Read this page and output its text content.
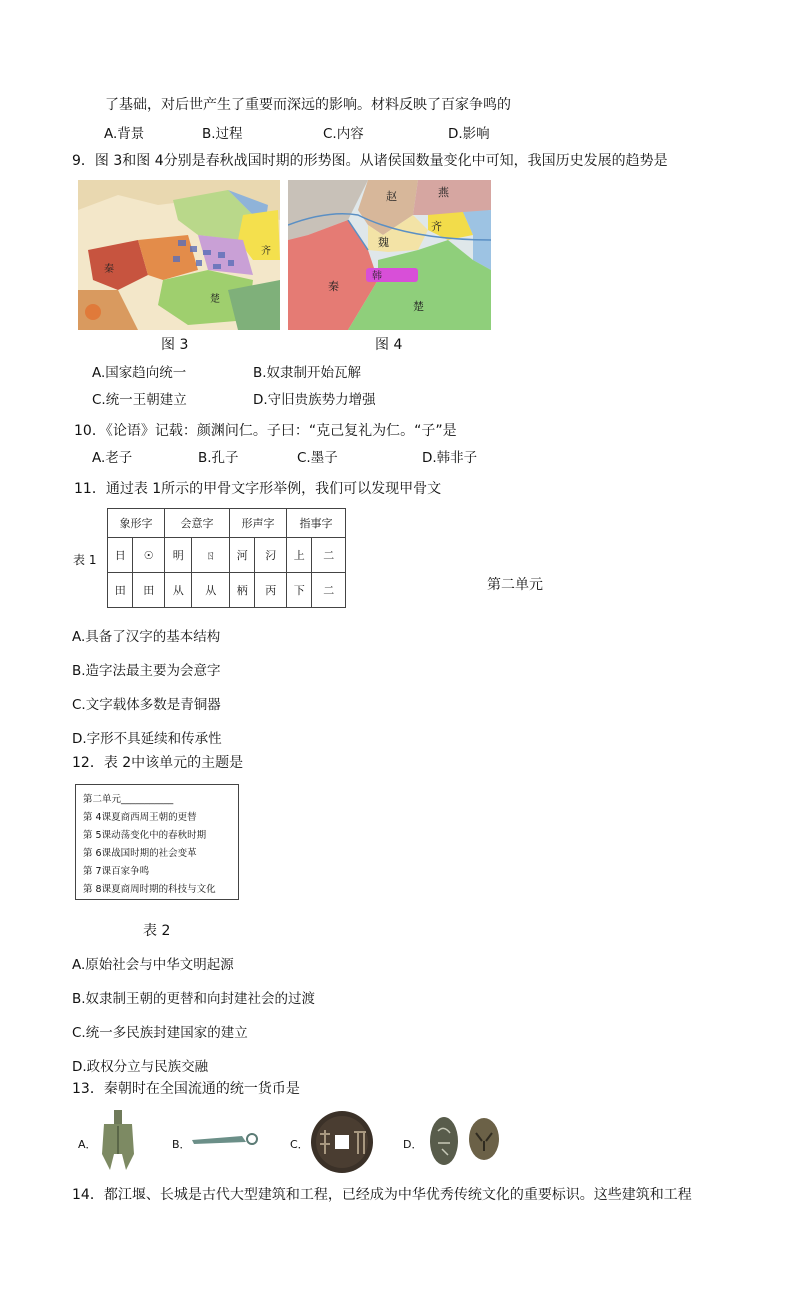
了基础，对后世产生了重要而深远的影响。材料反映了百家争鸣的
A.背景	B.过程	C.内容	D.影响
9．图 3和图 4分别是春秋战国时期的形势图。从诸侯国数量变化中可知，我国历史发展的趋势是
齐
楚
秦
赵	燕
齐
魏
韩
秦
楚
图 3	图 4
A.国家趋向统一	B.奴隶制开始瓦解
C.统一王朝建立	D.守旧贵族势力增强
10．《论语》记载：颜渊问仁。子曰：“克己复礼为仁。“子”是
A.老子	B.孔子	C.墨子	D.韩非子
11．通过表 1所示的甲骨文字形举例，我们可以发现甲骨文
表 1
象形字		会意字		形声字		指事字	
日	☉	明	ㄖ	河	汈	上	二
田	田	从	从	柄	丙	下	二	第二单元
A.具备了汉字的基本结构
B.造字法最主要为会意字
C.文字载体多数是青铜器
D.字形不具延续和传承性
12．表 2中该单元的主题是
第二单元___________
第 4课夏商西周王朝的更替
第 5课动荡变化中的春秋时期
第 6课战国时期的社会变革
第 7课百家争鸣
第 8课夏商周时期的科技与文化
表 2
A.原始社会与中华文明起源
B.奴隶制王朝的更替和向封建社会的过渡
C.统一多民族封建国家的建立
D.政权分立与民族交融
13．秦朝时在全国流通的统一货币是
A．	B．	C．	D．
14．都江堰、长城是古代大型建筑和工程，已经成为中华优秀传统文化的重要标识。这些建筑和工程
